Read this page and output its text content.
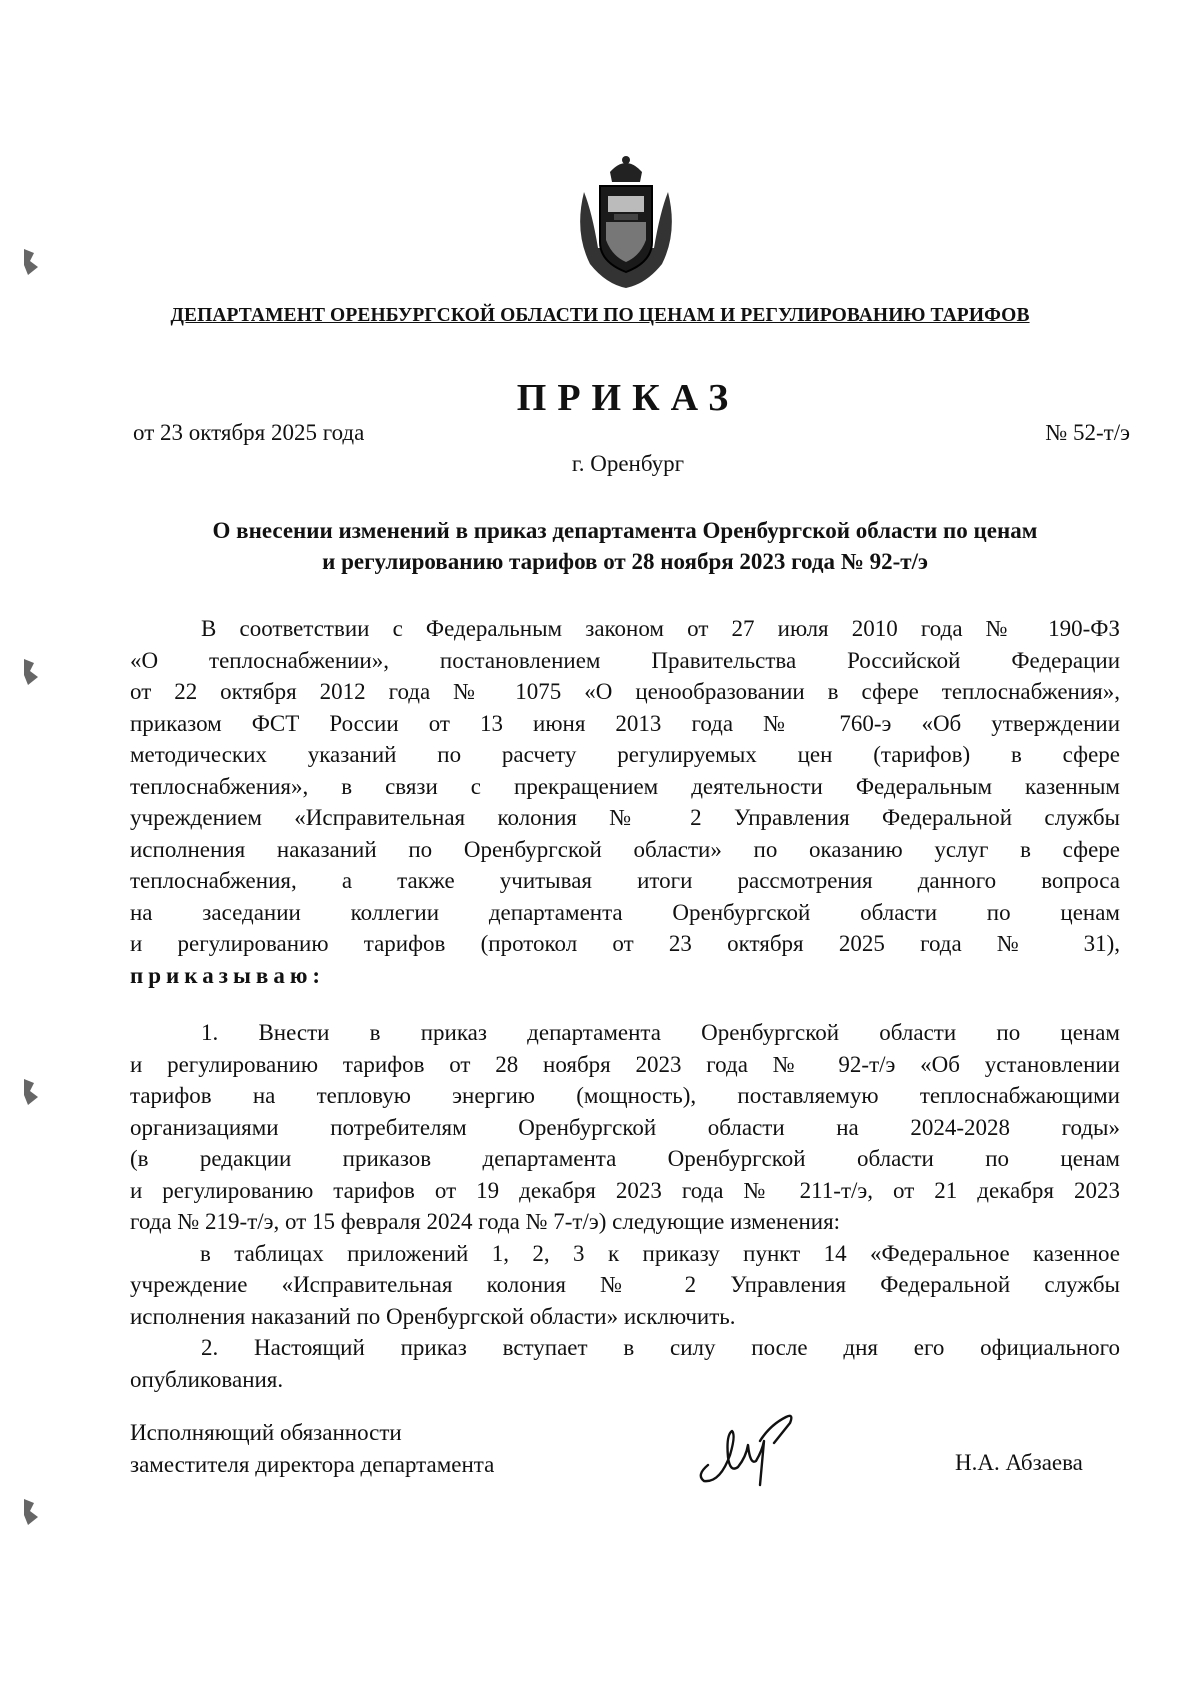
ДЕПАРТАМЕНТ ОРЕНБУРГСКОЙ ОБЛАСТИ ПО ЦЕНАМ И РЕГУЛИРОВАНИЮ ТАРИФОВ
ПРИКАЗ
от 23 октября 2025 года	№ 52-т/э
г. Оренбург
О внесении изменений в приказ департамента Оренбургской области по ценам
и регулированию тарифов от 28 ноября 2023 года № 92-т/э
В соответствии с Федеральным законом от 27 июля 2010 года № 190-ФЗ
«О теплоснабжении», постановлением Правительства Российской Федерации
от 22 октября 2012 года № 1075 «О ценообразовании в сфере теплоснабжения»,
приказом ФСТ России от 13 июня 2013 года № 760-э «Об утверждении
методических указаний по расчету регулируемых цен (тарифов) в сфере
теплоснабжения», в связи с прекращением деятельности Федеральным казенным
учреждением «Исправительная колония № 2 Управления Федеральной службы
исполнения наказаний по Оренбургской области» по оказанию услуг в сфере
теплоснабжения, а также учитывая итоги рассмотрения данного вопроса
на заседании коллегии департамента Оренбургской области по ценам
и регулированию тарифов (протокол от 23 октября 2025 года № 31),
приказываю:
1. Внести в приказ департамента Оренбургской области по ценам
и регулированию тарифов от 28 ноября 2023 года № 92-т/э «Об установлении
тарифов на тепловую энергию (мощность), поставляемую теплоснабжающими
организациями потребителям Оренбургской области на 2024-2028 годы»
(в редакции приказов департамента Оренбургской области по ценам
и регулированию тарифов от 19 декабря 2023 года № 211-т/э, от 21 декабря 2023
года № 219-т/э, от 15 февраля 2024 года № 7-т/э) следующие изменения:
в таблицах приложений 1, 2, 3 к приказу пункт 14 «Федеральное казенное
учреждение «Исправительная колония № 2 Управления Федеральной службы
исполнения наказаний по Оренбургской области» исключить.
2. Настоящий приказ вступает в силу после дня его официального
опубликования.
Исполняющий обязанности
заместителя директора департамента	Н.А. Абзаева
